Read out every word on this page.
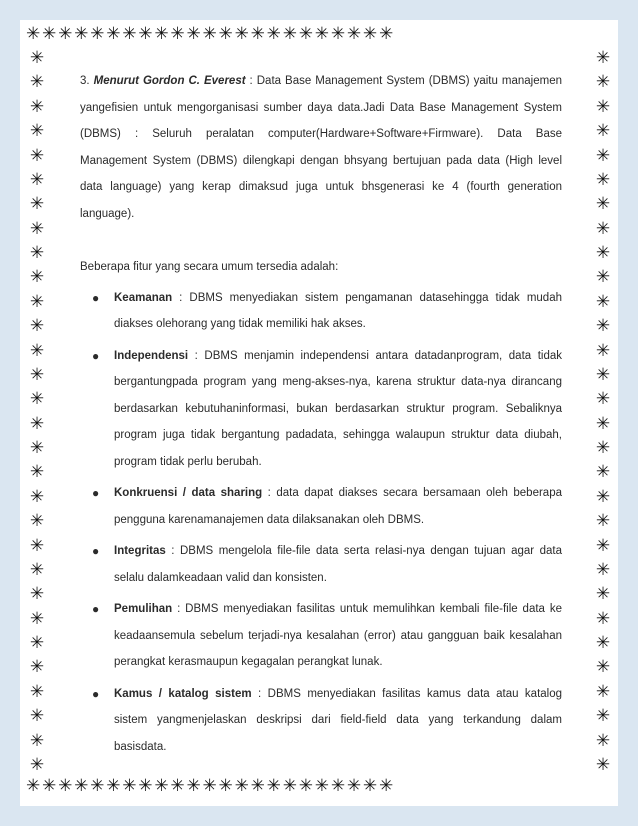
✳✳✳✳✳✳✳✳✳✳✳✳✳✳✳✳✳✳✳✳✳✳✳
✳✳✳✳✳✳✳✳✳✳✳✳✳✳✳✳✳✳✳✳✳✳✳
✳
✳
✳
✳
✳
✳
✳
✳
✳
✳
✳
✳
✳
✳
✳
✳
✳
✳
✳
✳
✳
✳
✳
✳
✳
✳
✳
✳
✳
✳
✳
✳
✳
✳
✳
✳
✳
✳
✳
✳
✳
✳
✳
✳
✳
✳
✳
✳
✳
✳
✳
✳
✳
✳
✳
✳
✳
✳
✳
✳

3. Menurut Gordon C. Everest : Data Base Management System (DBMS) yaitu manajemen yangefisien untuk mengorganisasi sumber daya data.Jadi Data Base Management System (DBMS) : Seluruh peralatan computer(Hardware+Software+Firmware). Data Base Management System (DBMS) dilengkapi dengan bhsyang bertujuan pada data (High level data language) yang kerap dimaksud juga untuk bhsgenerasi ke 4 (fourth generation language).

Beberapa fitur yang secara umum tersedia adalah:

● Keamanan : DBMS menyediakan sistem pengamanan datasehingga tidak mudah diakses olehorang yang tidak memiliki hak akses.
● Independensi : DBMS menjamin independensi antara datadanprogram, data tidak bergantungpada program yang meng-akses-nya, karena struktur data-nya dirancang berdasarkan kebutuhaninformasi, bukan berdasarkan struktur program. Sebaliknya program juga tidak bergantung padadata, sehingga walaupun struktur data diubah, program tidak perlu berubah.
● Konkruensi / data sharing : data dapat diakses secara bersamaan oleh beberapa pengguna karenamanajemen data dilaksanakan oleh DBMS.
● Integritas : DBMS mengelola file-file data serta relasi-nya dengan tujuan agar data selalu dalamkeadaan valid dan konsisten.
● Pemulihan : DBMS menyediakan fasilitas untuk memulihkan kembali file-file data ke keadaansemula sebelum terjadi-nya kesalahan (error) atau gangguan baik kesalahan perangkat kerasmaupun kegagalan perangkat lunak.
● Kamus / katalog sistem : DBMS menyediakan fasilitas kamus data atau katalog sistem yangmenjelaskan deskripsi dari field-field data yang terkandung dalam basisdata.
